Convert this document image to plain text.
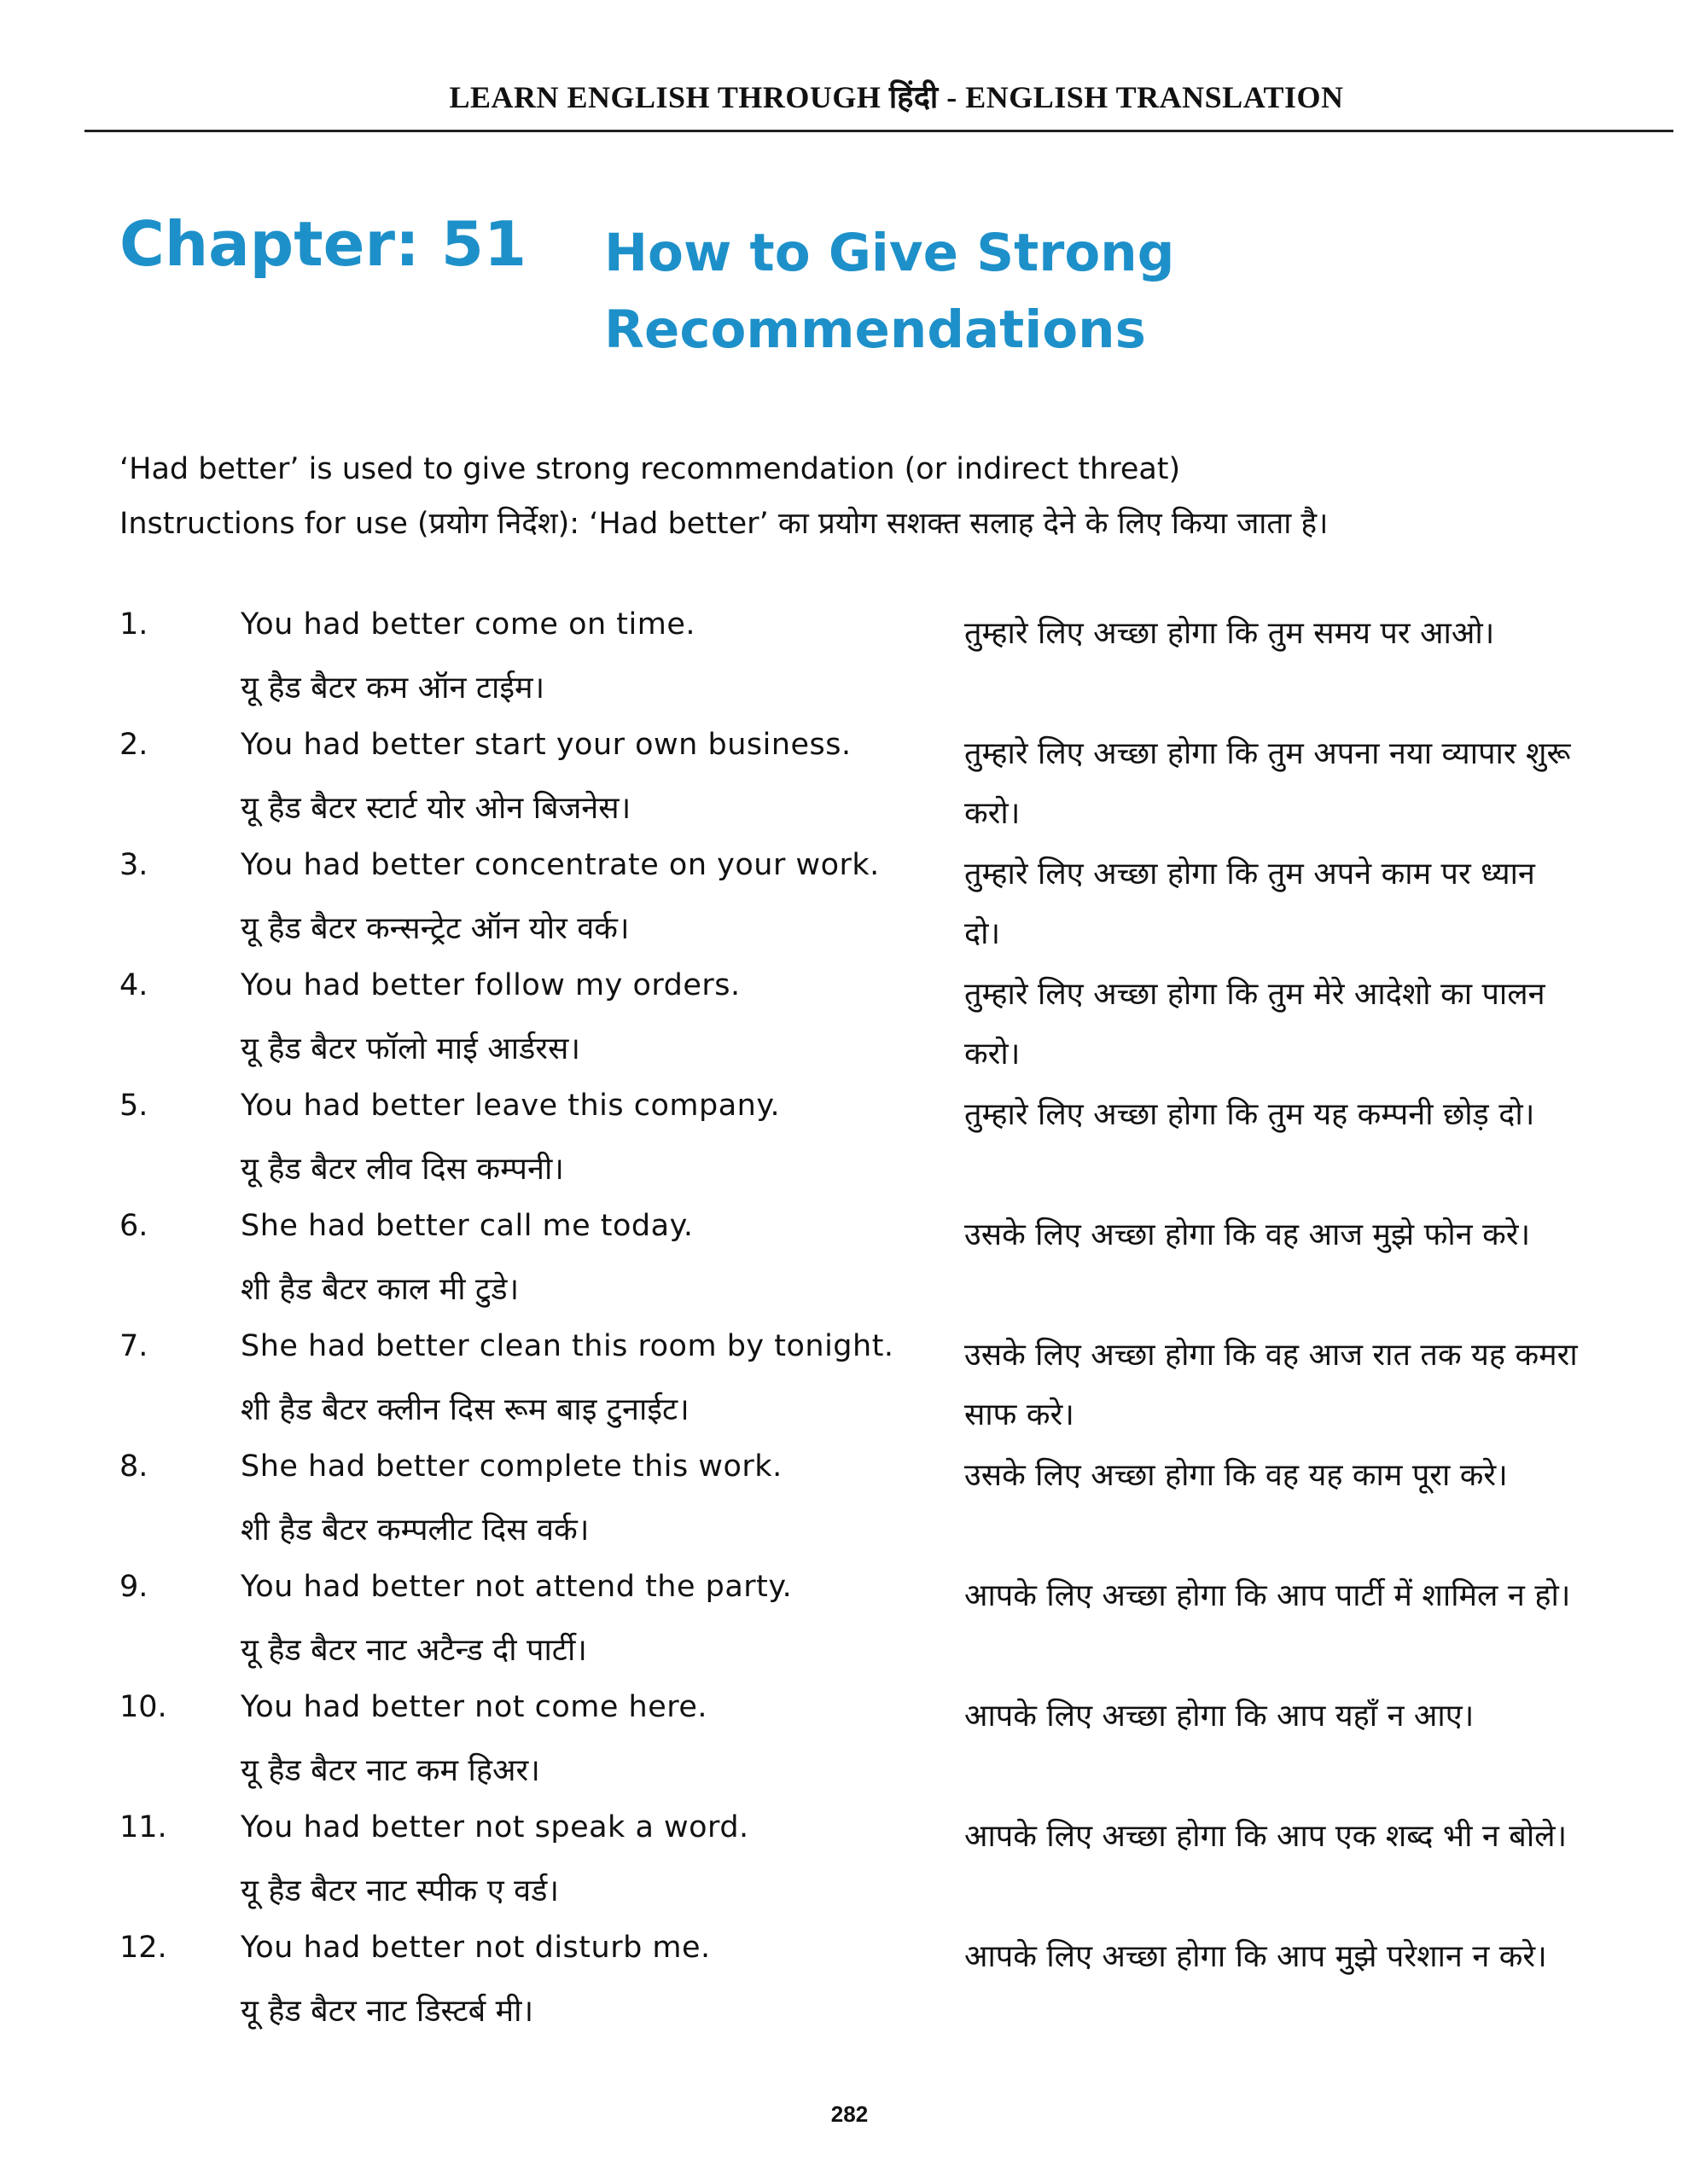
LEARN ENGLISH THROUGH हिंदी - ENGLISH TRANSLATION
Chapter: 51 How to Give Strong
Recommendations
‘Had better’ is used to give strong recommendation (or indirect threat)
Instructions for use (प्रयोग निर्देश): ‘Had better’ का प्रयोग सशक्त सलाह देने के लिए किया जाता है।
1.	You had better come on time.
यू हैड बैटर कम ऑन टाईम।
तुम्हारे लिए अच्छा होगा कि तुम समय पर आओ।
2.	You had better start your own business.
यू हैड बैटर स्टार्ट योर ओन बिजनेस।
तुम्हारे लिए अच्छा होगा कि तुम अपना नया व्यापार शुरू करो।
3.	You had better concentrate on your work.
यू हैड बैटर कन्सन्ट्रेट ऑन योर वर्क।
तुम्हारे लिए अच्छा होगा कि तुम अपने काम पर ध्यान दो।
4.	You had better follow my orders.
यू हैड बैटर फॉलो माई आर्डरस।
तुम्हारे लिए अच्छा होगा कि तुम मेरे आदेशो का पालन करो।
5.	You had better leave this company.
यू हैड बैटर लीव दिस कम्पनी।
तुम्हारे लिए अच्छा होगा कि तुम यह कम्पनी छोड़ दो।
6.	She had better call me today.
शी हैड बैटर काल मी टुडे।
उसके लिए अच्छा होगा कि वह आज मुझे फोन करे।
7.	She had better clean this room by tonight.
शी हैड बैटर क्लीन दिस रूम बाइ टुनाईट।
उसके लिए अच्छा होगा कि वह आज रात तक यह कमरा साफ करे।
8.	She had better complete this work.
शी हैड बैटर कम्पलीट दिस वर्क।
उसके लिए अच्छा होगा कि वह यह काम पूरा करे।
9.	You had better not attend the party.
यू हैड बैटर नाट अटैन्ड दी पार्टी।
आपके लिए अच्छा होगा कि आप पार्टी में शामिल न हो।
10. You had better not come here.
यू हैड बैटर नाट कम हिअर।
आपके लिए अच्छा होगा कि आप यहाँ न आए।
11. You had better not speak a word.
यू हैड बैटर नाट स्पीक ए वर्ड।
आपके लिए अच्छा होगा कि आप एक शब्द भी न बोले।
12. You had better not disturb me.
यू हैड बैटर नाट डिस्टर्ब मी।
आपके लिए अच्छा होगा कि आप मुझे परेशान न करे।
282
